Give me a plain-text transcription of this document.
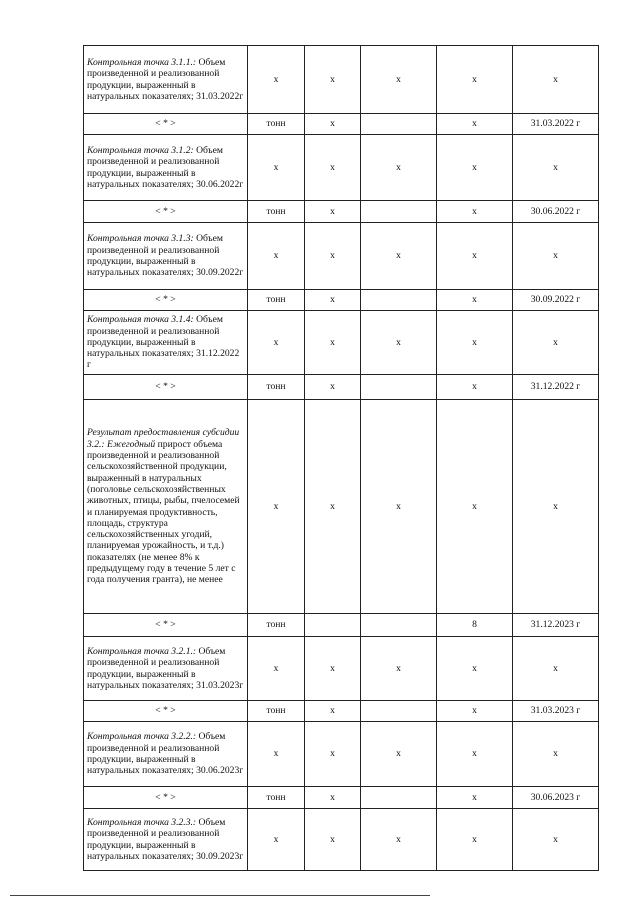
Контрольная точка 3.1.1.: Объем произведенной и реализованной продукции, выраженный в натуральных показателях; 31.03.2022г	x	x	x	x	x
< * >	тонн	x		x	31.03.2022 г
Контрольная точка 3.1.2: Объем произведенной и реализованной продукции, выраженный в натуральных показателях; 30.06.2022г	x	x	x	x	x
< * >	тонн	x		x	30.06.2022 г
Контрольная точка 3.1.3: Объем произведенной и реализованной продукции, выраженный в натуральных показателях; 30.09.2022г	x	x	x	x	x
< * >	тонн	x		x	30.09.2022 г
Контрольная точка 3.1.4: Объем произведенной и реализованной продукции, выраженный в натуральных показателях; 31.12.2022 г	x	x	x	x	x
< * >	тонн	x		x	31.12.2022 г
Результат предоставления субсидии 3.2.: Ежегодный прирост объема произведенной и реализованной сельскохозяйственной продукции, выраженный в натуральных (поголовье сельскохозяйственных животных, птицы, рыбы, пчелосемей и планируемая продуктивность, площадь, структура сельскохозяйственных угодий, планируемая урожайность, и т.д.) показателях (не менее 8% к предыдущему году в течение 5 лет с года получения гранта), не менее	x	x	x	x	x
< * >	тонн			8	31.12.2023 г
Контрольная точка 3.2.1.: Объем произведенной и реализованной продукции, выраженный в натуральных показателях; 31.03.2023г	x	x	x	x	x
< * >	тонн	x		x	31.03.2023 г
Контрольная точка 3.2.2.: Объем произведенной и реализованной продукции, выраженный в натуральных показателях; 30.06.2023г	x	x	x	x	x
< * >	тонн	x		x	30.06.2023 г
Контрольная точка 3.2.3.: Объем произведенной и реализованной продукции, выраженный в натуральных показателях; 30.09.2023г	x	x	x	x	x
